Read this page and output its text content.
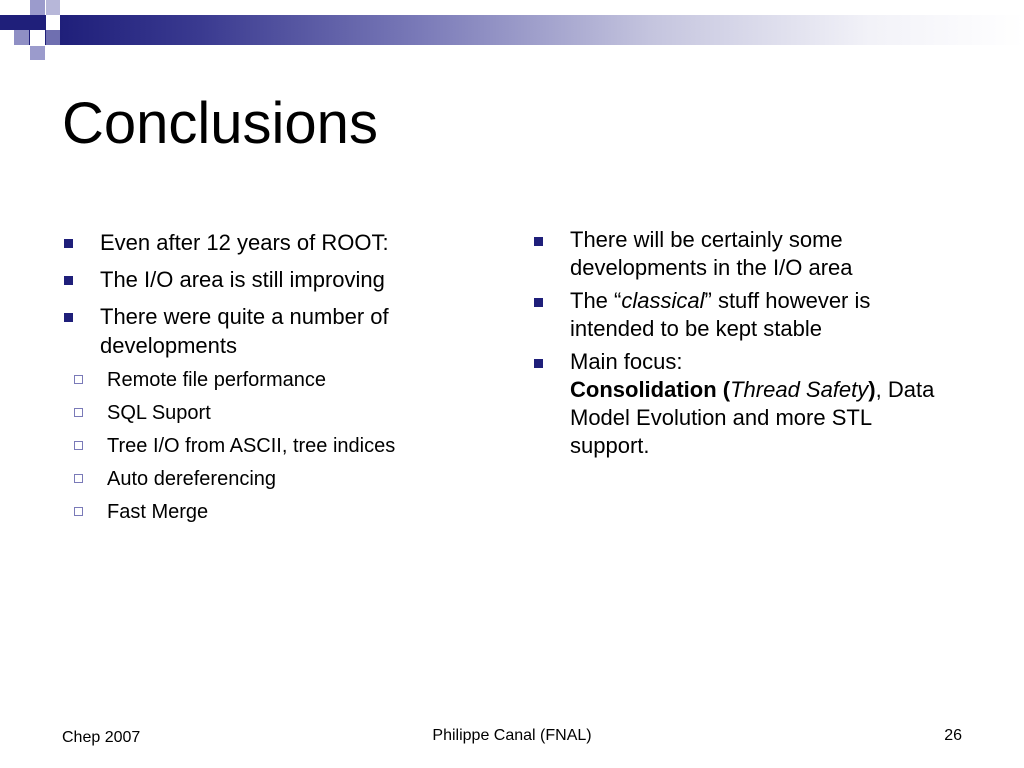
Conclusions
Even after 12 years of ROOT:
The I/O area is still improving
There were quite a number of developments
Remote file performance
SQL Suport
Tree I/O from ASCII, tree indices
Auto dereferencing
Fast Merge
There will be certainly some developments in the I/O area
The “classical” stuff however is intended to be kept stable
Main focus:
Consolidation (Thread Safety), Data Model Evolution and more STL support.
Chep 2007	Philippe Canal (FNAL)	26
